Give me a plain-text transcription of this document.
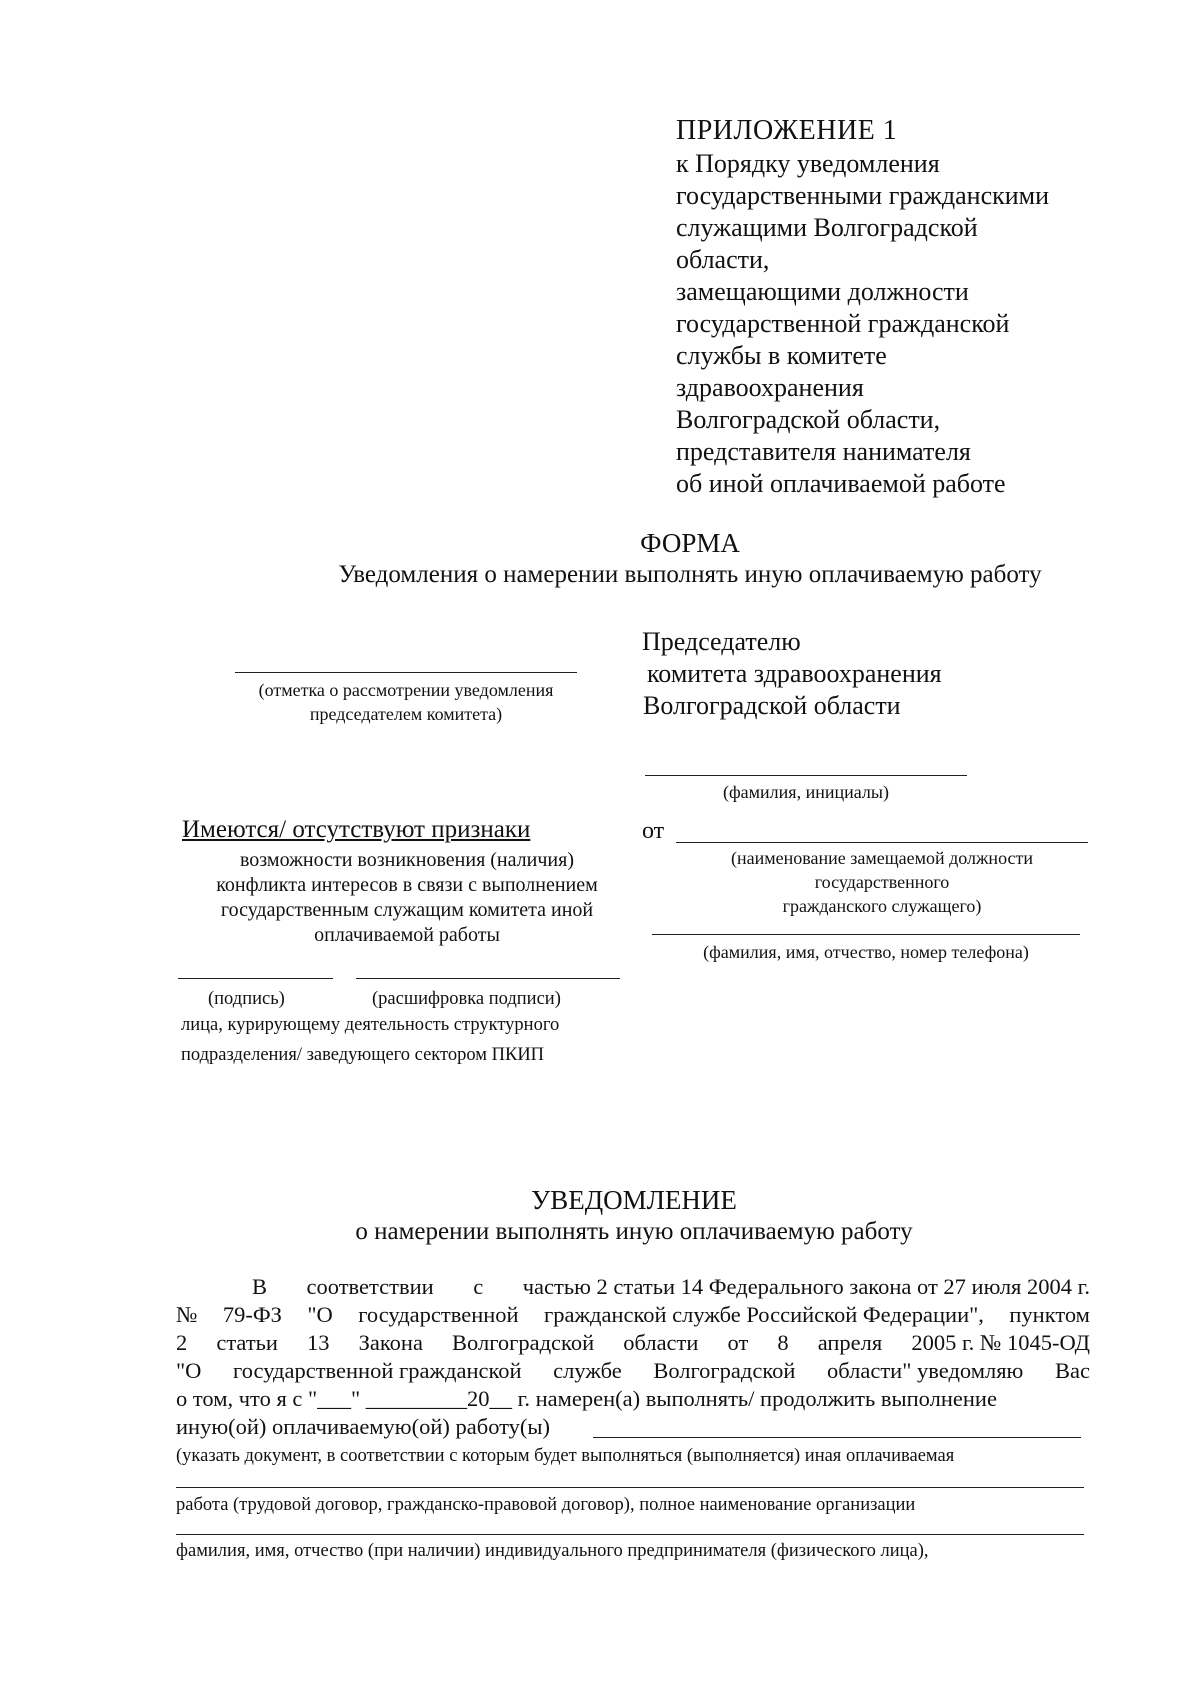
ПРИЛОЖЕНИЕ 1
к Порядку уведомления
государственными гражданскими
служащими Волгоградской
области,
замещающими должности
государственной гражданской
службы в комитете
здравоохранения
Волгоградской области,
представителя нанимателя
об иной оплачиваемой работе
ФОРМА
Уведомления о намерении выполнять иную оплачиваемую работу
(отметка о рассмотрении уведомления
председателем комитета)
Председателю
комитета здравоохранения
Волгоградской области
(фамилия, инициалы)
от
(наименование замещаемой должности
государственного
гражданского служащего)
(фамилия, имя, отчество, номер телефона)
Имеются/ отсутствуют признаки
возможности возникновения (наличия)
конфликта интересов в связи с выполнением
государственным служащим комитета иной
оплачиваемой работы
(подпись)	(расшифровка подписи)
лица, курирующему деятельность структурного
подразделения/ заведующего сектором ПКИП
УВЕДОМЛЕНИЕ
о намерении выполнять иную оплачиваемую работу
В соответствии с частью 2 статьи 14 Федерального закона от 27 июля 2004 г.
№ 79-ФЗ "О государственной гражданской службе Российской Федерации", пунктом
2 статьи 13 Закона Волгоградской области от 8 апреля 2005 г. № 1045-ОД
"О государственной гражданской службе Волгоградской области" уведомляю Вас
о том, что я с "___" _________20__ г. намерен(а) выполнять/ продолжить выполнение
иную(ой) оплачиваемую(ой) работу(ы)
(указать документ, в соответствии с которым будет выполняться (выполняется) иная оплачиваемая
работа (трудовой договор, гражданско-правовой договор), полное наименование организации
фамилия, имя, отчество (при наличии) индивидуального предпринимателя (физического лица),
